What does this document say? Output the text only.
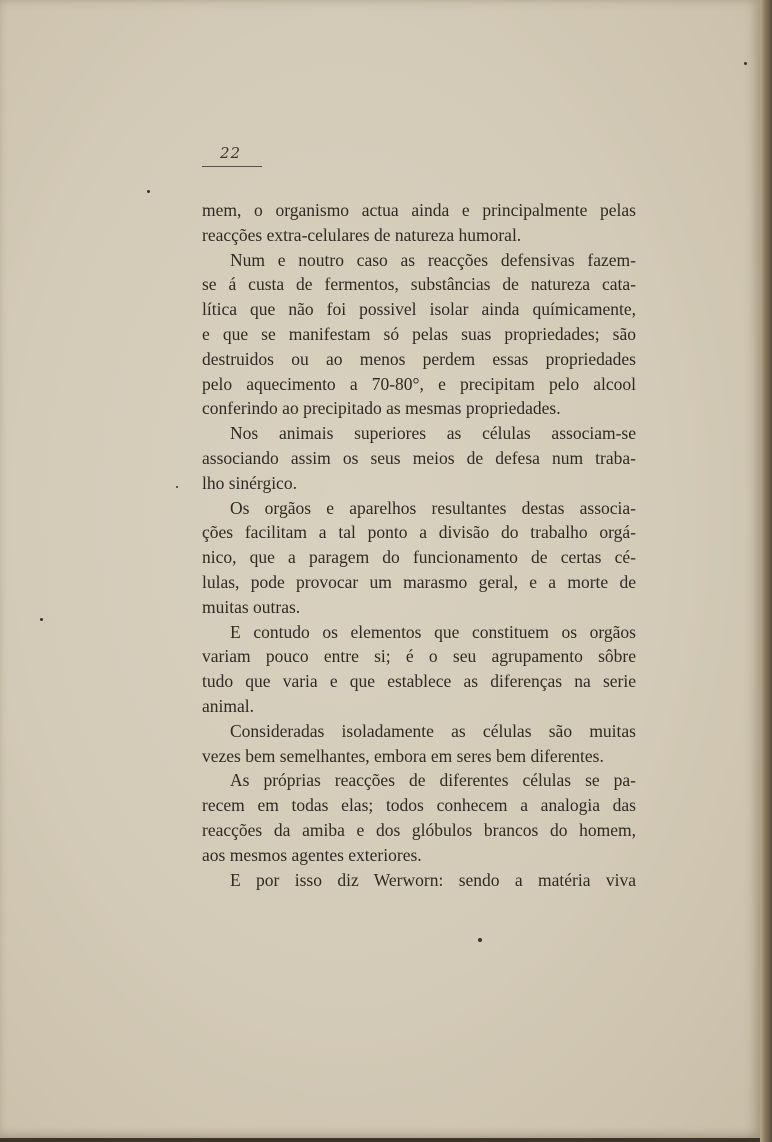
22
mem, o organismo actua ainda e principalmente pelas
reacções extra-celulares de natureza humoral.
Num e noutro caso as reacções defensivas fazem-
se á custa de fermentos, substâncias de natureza cata-
lítica que não foi possivel isolar ainda químicamente,
e que se manifestam só pelas suas propriedades; são
destruidos ou ao menos perdem essas propriedades
pelo aquecimento a 70-80°, e precipitam pelo alcool
conferindo ao precipitado as mesmas propriedades.
Nos animais superiores as células associam-se
associando assim os seus meios de defesa num traba-
lho sinérgico.
Os orgãos e aparelhos resultantes destas associa-
ções facilitam a tal ponto a divisão do trabalho orgá-
nico, que a paragem do funcionamento de certas cé-
lulas, pode provocar um marasmo geral, e a morte de
muitas outras.
E contudo os elementos que constituem os orgãos
variam pouco entre si; é o seu agrupamento sôbre
tudo que varia e que establece as diferenças na serie
animal.
Consideradas isoladamente as células são muitas
vezes bem semelhantes, embora em seres bem diferentes.
As próprias reacções de diferentes células se pa-
recem em todas elas; todos conhecem a analogia das
reacções da amiba e dos glóbulos brancos do homem,
aos mesmos agentes exteriores.
E por isso diz Werworn: sendo a matéria viva
